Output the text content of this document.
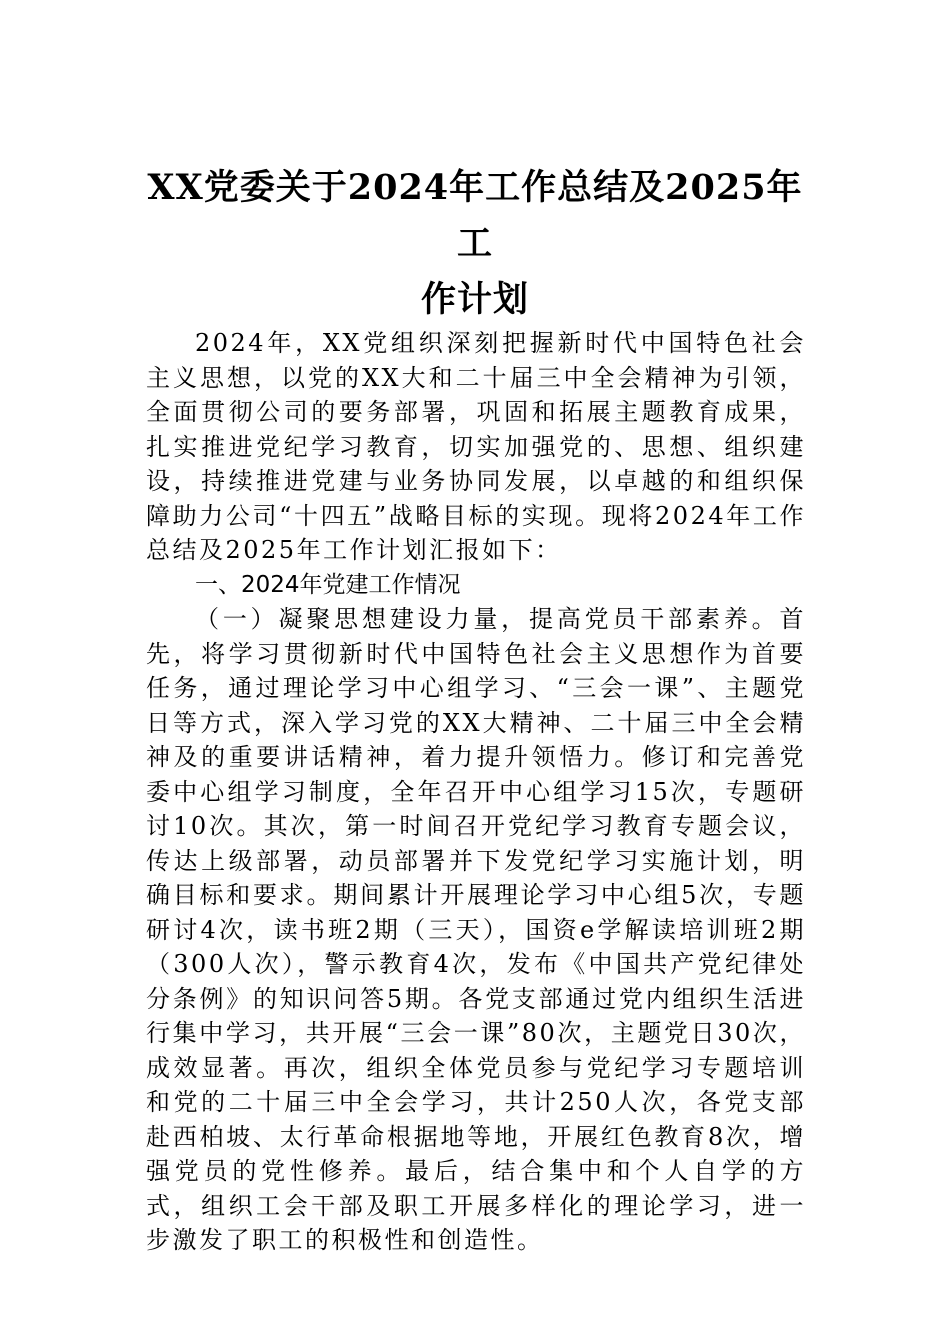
XX党委关于2024年工作总结及2025年工
作计划

2024年，XX党组织深刻把握新时代中国特色社会主义思想，以党的XX大和二十届三中全会精神为引领，全面贯彻公司的要务部署，巩固和拓展主题教育成果，扎实推进党纪学习教育，切实加强党的、思想、组织建设，持续推进党建与业务协同发展，以卓越的和组织保障助力公司“十四五”战略目标的实现。现将2024年工作总结及2025年工作计划汇报如下：

一、2024年党建工作情况

（一）凝聚思想建设力量，提高党员干部素养。首先，将学习贯彻新时代中国特色社会主义思想作为首要任务，通过理论学习中心组学习、“三会一课”、主题党日等方式，深入学习党的XX大精神、二十届三中全会精神及的重要讲话精神，着力提升领悟力。修订和完善党委中心组学习制度，全年召开中心组学习15次，专题研讨10次。其次，第一时间召开党纪学习教育专题会议，传达上级部署，动员部署并下发党纪学习实施计划，明确目标和要求。期间累计开展理论学习中心组5次，专题研讨4次，读书班2期（三天），国资e学解读培训班2期（300人次），警示教育4次，发布《中国共产党纪律处分条例》的知识问答5期。各党支部通过党内组织生活进行集中学习，共开展“三会一课”80次，主题党日30次，成效显著。再次，组织全体党员参与党纪学习专题培训和党的二十届三中全会学习，共计250人次，各党支部赴西柏坡、太行革命根据地等地，开展红色教育8次，增强党员的党性修养。最后，结合集中和个人自学的方式，组织工会干部及职工开展多样化的理论学习，进一步激发了职工的积极性和创造性。
